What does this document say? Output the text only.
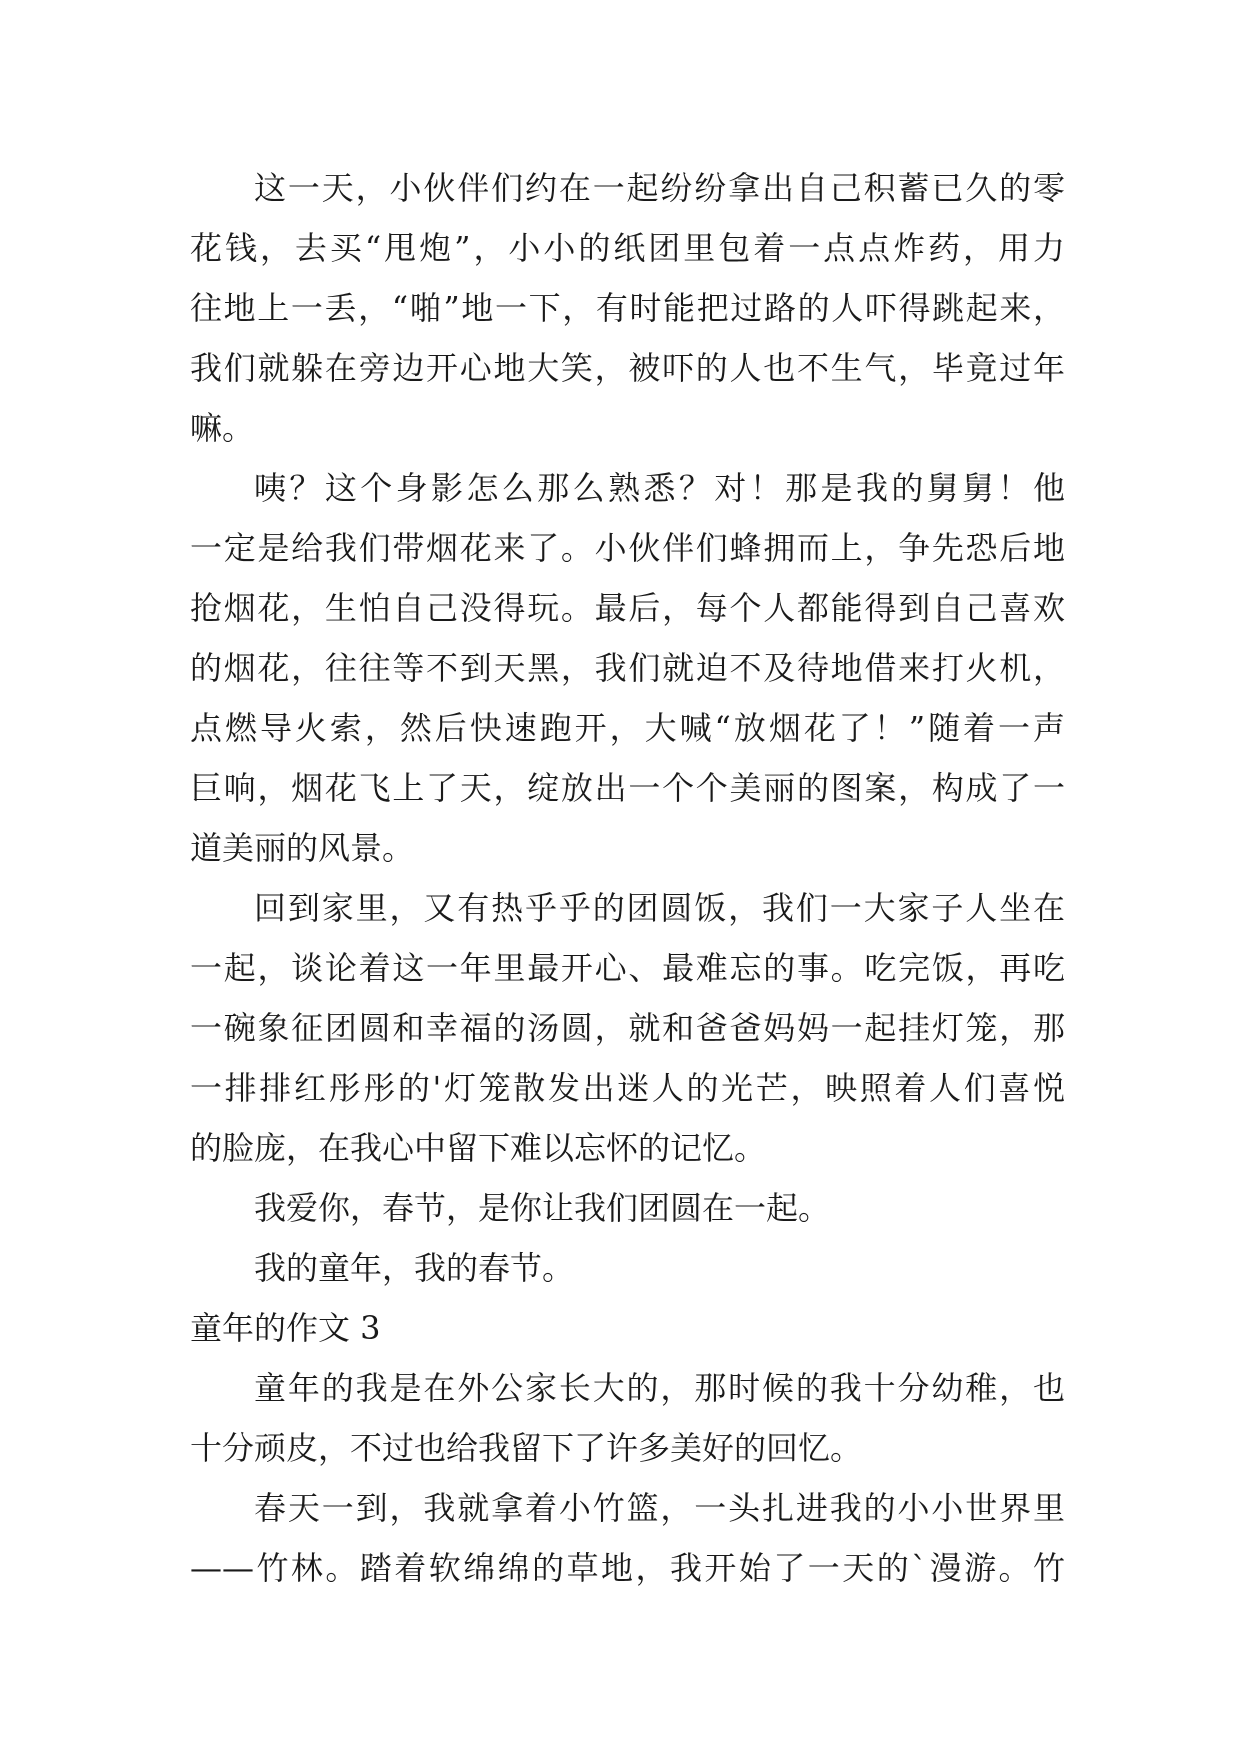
这一天，小伙伴们约在一起纷纷拿出自己积蓄已久的零
花钱，去买“甩炮”，小小的纸团里包着一点点炸药，用力
往地上一丢，“啪”地一下，有时能把过路的人吓得跳起来，
我们就躲在旁边开心地大笑，被吓的人也不生气，毕竟过年
嘛。
咦？这个身影怎么那么熟悉？对！那是我的舅舅！他
一定是给我们带烟花来了。小伙伴们蜂拥而上，争先恐后地
抢烟花，生怕自己没得玩。最后，每个人都能得到自己喜欢
的烟花，往往等不到天黑，我们就迫不及待地借来打火机，
点燃导火索，然后快速跑开，大喊“放烟花了！”随着一声
巨响，烟花飞上了天，绽放出一个个美丽的图案，构成了一
道美丽的风景。
回到家里，又有热乎乎的团圆饭，我们一大家子人坐在
一起，谈论着这一年里最开心、最难忘的事。吃完饭，再吃
一碗象征团圆和幸福的汤圆，就和爸爸妈妈一起挂灯笼，那
一排排红彤彤的'灯笼散发出迷人的光芒，映照着人们喜悦
的脸庞，在我心中留下难以忘怀的记忆。
我爱你，春节，是你让我们团圆在一起。
我的童年，我的春节。
童年的作文 3
童年的我是在外公家长大的，那时候的我十分幼稚，也
十分顽皮，不过也给我留下了许多美好的回忆。
春天一到，我就拿着小竹篮，一头扎进我的小小世界里
——竹林。踏着软绵绵的草地，我开始了一天的`漫游。竹
